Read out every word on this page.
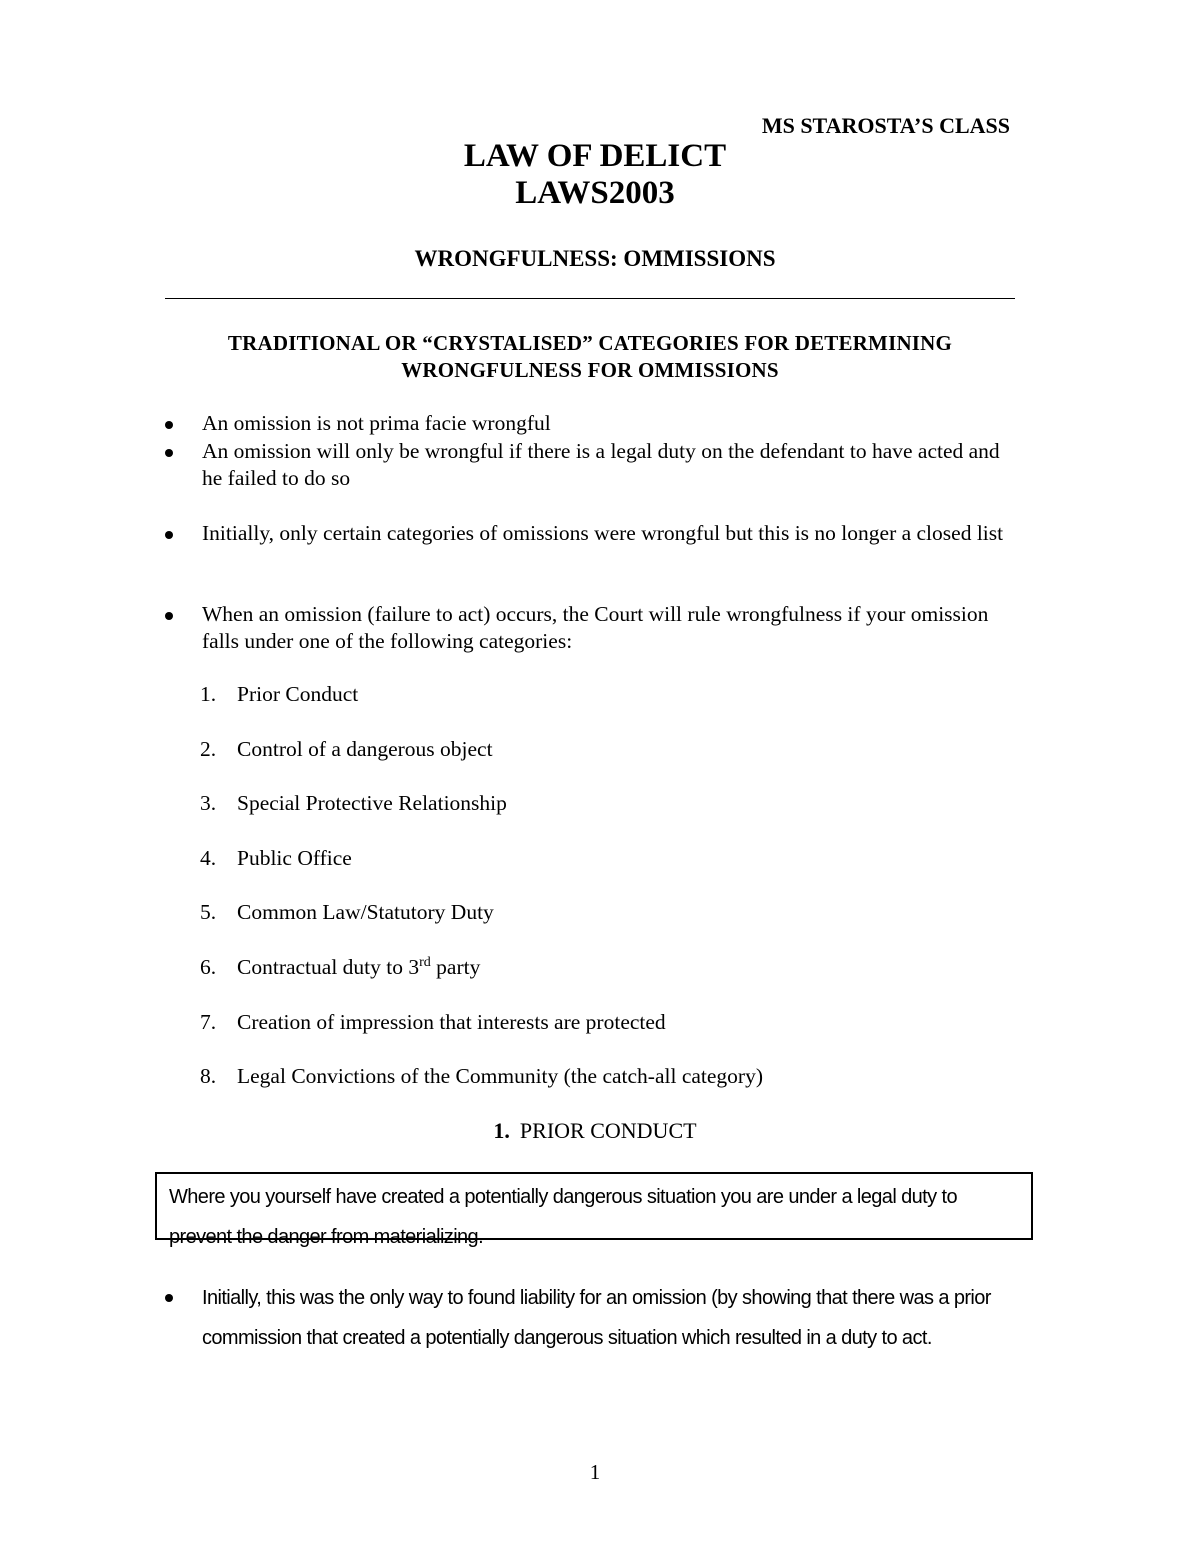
MS STAROSTA’S CLASS
LAW OF DELICT
LAWS2003
WRONGFULNESS: OMMISSIONS
TRADITIONAL OR “CRYSTALISED” CATEGORIES FOR DETERMINING
WRONGFULNESS FOR OMMISSIONS
An omission is not prima facie wrongful
An omission will only be wrongful if there is a legal duty on the defendant to have acted and he failed to do so
Initially, only certain categories of omissions were wrongful but this is no longer a closed list
When an omission (failure to act) occurs, the Court will rule wrongfulness if your omission falls under one of the following categories:
1. Prior Conduct
2. Control of a dangerous object
3. Special Protective Relationship
4. Public Office
5. Common Law/Statutory Duty
6. Contractual duty to 3rd party
7. Creation of impression that interests are protected
8. Legal Convictions of the Community (the catch-all category)
1. PRIOR CONDUCT
Where you yourself have created a potentially dangerous situation you are under a legal duty to prevent the danger from materializing.
Initially, this was the only way to found liability for an omission (by showing that there was a prior commission that created a potentially dangerous situation which resulted in a duty to act.
1
